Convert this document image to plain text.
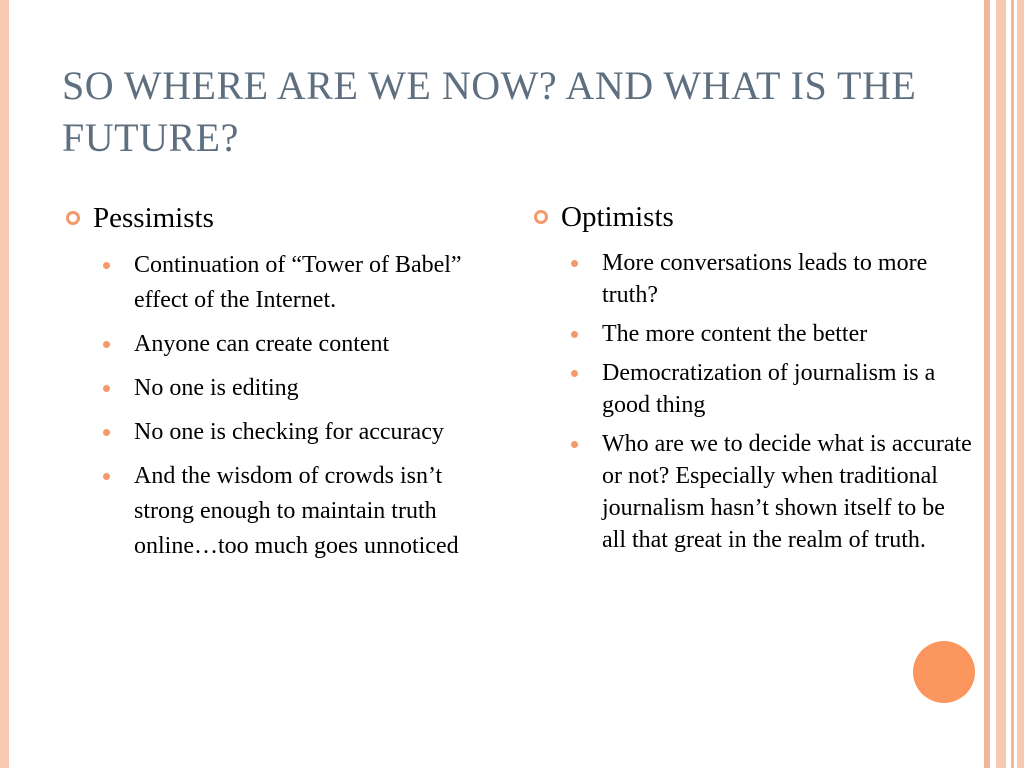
SO WHERE ARE WE NOW? AND WHAT IS THE FUTURE?
Pessimists
Continuation of “Tower of Babel” effect of the Internet.
Anyone can create content
No one is editing
No one is checking for accuracy
And the wisdom of crowds isn’t strong enough to maintain truth online…too much goes unnoticed
Optimists
More conversations leads to more truth?
The more content the better
Democratization of journalism is a good thing
Who are we to decide what is accurate or not? Especially when traditional journalism hasn’t shown itself to be all that great in the realm of truth.
